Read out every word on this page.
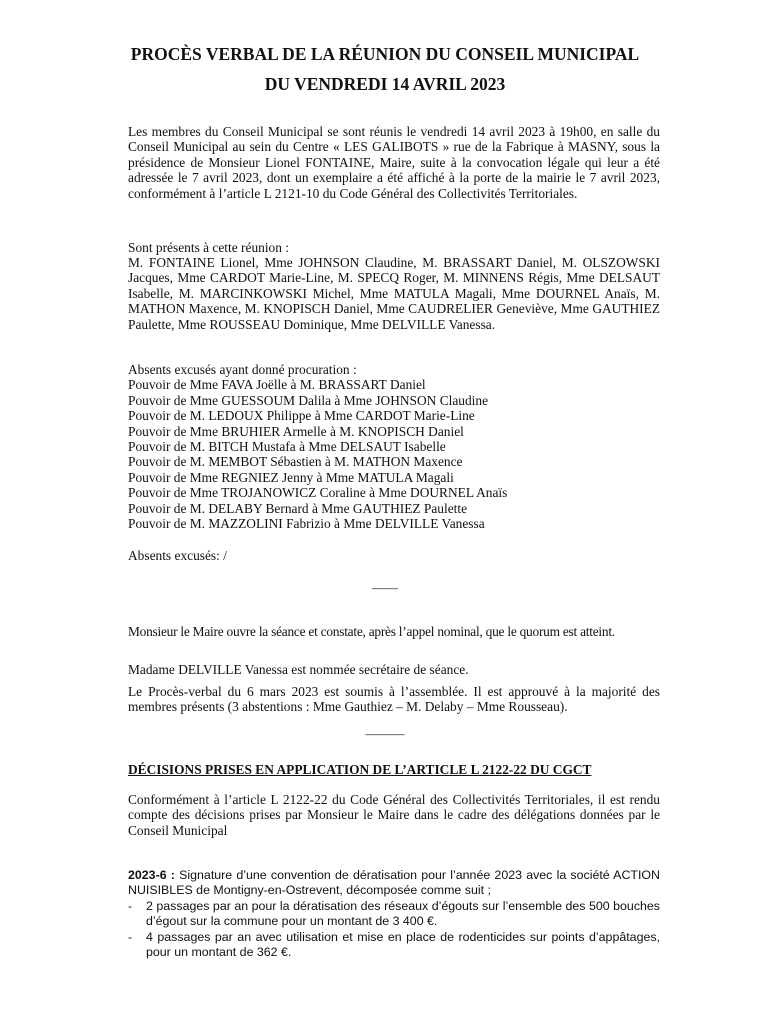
PROCÈS VERBAL DE LA RÉUNION DU CONSEIL MUNICIPAL
DU VENDREDI 14 AVRIL 2023

Les membres du Conseil Municipal se sont réunis le vendredi 14 avril 2023 à 19h00, en salle du Conseil Municipal au sein du Centre « LES GALIBOTS » rue de la Fabrique à MASNY, sous la présidence de Monsieur Lionel FONTAINE, Maire, suite à la convocation légale qui leur a été adressée le 7 avril 2023, dont un exemplaire a été affiché à la porte de la mairie le 7 avril 2023, conformément à l’article L 2121-10 du Code Général des Collectivités Territoriales.

Sont présents à cette réunion :

M. FONTAINE Lionel, Mme JOHNSON Claudine, M. BRASSART Daniel, M. OLSZOWSKI Jacques, Mme CARDOT Marie-Line, M. SPECQ Roger, M. MINNENS Régis, Mme DELSAUT Isabelle, M. MARCINKOWSKI Michel, Mme MATULA Magali, Mme DOURNEL Anaïs, M. MATHON Maxence, M. KNOPISCH Daniel, Mme CAUDRELIER Geneviève, Mme GAUTHIEZ Paulette, Mme ROUSSEAU Dominique, Mme DELVILLE Vanessa.

Absents excusés ayant donné procuration :
Pouvoir de Mme FAVA Joëlle à M. BRASSART Daniel
Pouvoir de Mme GUESSOUM Dalila à Mme JOHNSON Claudine
Pouvoir de M. LEDOUX Philippe à Mme CARDOT Marie-Line
Pouvoir de Mme BRUHIER Armelle à M. KNOPISCH Daniel
Pouvoir de M. BITCH Mustafa à Mme DELSAUT Isabelle
Pouvoir de M. MEMBOT Sébastien à M. MATHON Maxence
Pouvoir de Mme REGNIEZ Jenny à Mme MATULA Magali
Pouvoir de Mme TROJANOWICZ Coraline à Mme DOURNEL Anaïs
Pouvoir de M. DELABY Bernard à Mme GAUTHIEZ Paulette
Pouvoir de M. MAZZOLINI Fabrizio à Mme DELVILLE Vanessa

Absents excusés: /

——

Monsieur le Maire ouvre la séance et constate, après l’appel nominal, que le quorum est atteint.

Madame DELVILLE Vanessa est nommée secrétaire de séance.

Le Procès-verbal du 6 mars 2023 est soumis à l’assemblée. Il est approuvé à la majorité des membres présents (3 abstentions : Mme Gauthiez – M. Delaby – Mme Rousseau).

———
DÉCISIONS PRISES EN APPLICATION DE L’ARTICLE L 2122-22 DU CGCT

Conformément à l’article L 2122-22 du Code Général des Collectivités Territoriales, il est rendu compte des décisions prises par Monsieur le Maire dans le cadre des délégations données par le Conseil Municipal

2023-6 : Signature d’une convention de dératisation pour l’année 2023 avec la société ACTION NUISIBLES de Montigny-en-Ostrevent, décomposée comme suit ;
- 2 passages par an pour la dératisation des réseaux d’égouts sur l’ensemble des 500 bouches d’égout sur la commune pour un montant de 3 400 €.
- 4 passages par an avec utilisation et mise en place de rodenticides sur points d’appâtages, pour un montant de 362 €.
